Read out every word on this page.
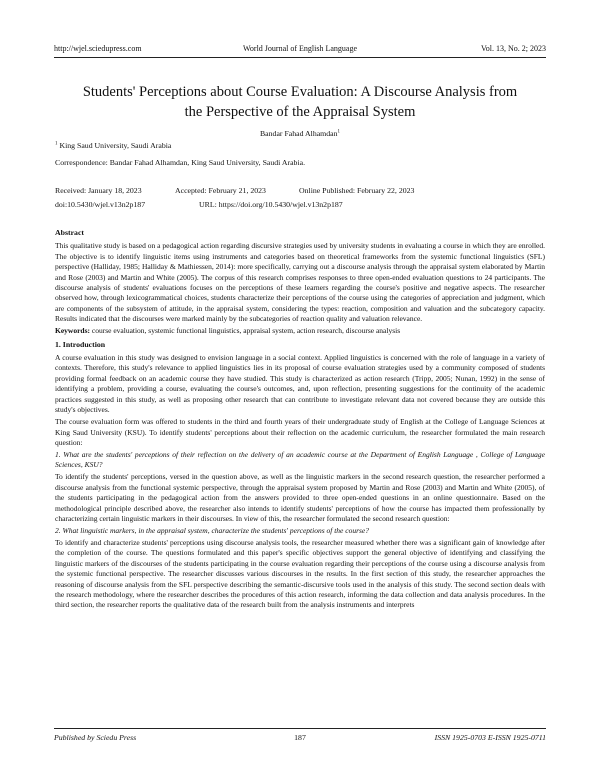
http://wjel.sciedupress.com	World Journal of English Language	Vol. 13, No. 2; 2023
Students' Perceptions about Course Evaluation: A Discourse Analysis from
the Perspective of the Appraisal System
Bandar Fahad Alhamdan$^1$
$^1$ King Saud University, Saudi Arabia
Correspondence: Bandar Fahad Alhamdan, King Saud University, Saudi Arabia.
Received: January 18, 2023	Accepted: February 21, 2023	Online Published: February 22, 2023
doi:10.5430/wjel.v13n2p187	URL: https://doi.org/10.5430/wjel.v13n2p187
Abstract

This qualitative study is based on a pedagogical action regarding discursive strategies used by university students in evaluating a course in which they are enrolled. The objective is to identify linguistic items using instruments and categories based on theoretical frameworks from the systemic functional linguistics (SFL) perspective (Halliday, 1985; Halliday & Mathiessen, 2014): more specifically, carrying out a discourse analysis through the appraisal system elaborated by Martin and Rose (2003) and Martin and White (2005). The corpus of this research comprises responses to three open-ended evaluation questions to 24 participants. The discourse analysis of students' evaluations focuses on the perceptions of these learners regarding the course's positive and negative aspects. The researcher observed how, through lexicogrammatical choices, students characterize their perceptions of the course using the categories of appreciation and judgment, which are components of the subsystem of attitude, in the appraisal system, considering the types: reaction, composition and valuation and the subcategory capacity. Results indicated that the discourses were marked mainly by the subcategories of reaction quality and valuation relevance.

Keywords: course evaluation, systemic functional linguistics, appraisal system, action research, discourse analysis

1. Introduction

A course evaluation in this study was designed to envision language in a social context. Applied linguistics is concerned with the role of language in a variety of contexts. Therefore, this study's relevance to applied linguistics lies in its proposal of course evaluation strategies used by a community composed of students providing formal feedback on an academic course they have studied. This study is characterized as action research (Tripp, 2005; Nunan, 1992) in the sense of identifying a problem, providing a course, evaluating the course's outcomes, and, upon reflection, presenting suggestions for the continuity of the academic practices suggested in this study, as well as proposing other research that can contribute to investigate relevant data not covered because they are outside this study's objectives.

The course evaluation form was offered to students in the third and fourth years of their undergraduate study of English at the College of Language Sciences at King Saud University (KSU). To identify students' perceptions about their reflection on the academic curriculum, the researcher formulated the main research question:

1. What are the students' perceptions of their reflection on the delivery of an academic course at the Department of English Language , College of Language Sciences, KSU?

To identify the students' perceptions, versed in the question above, as well as the linguistic markers in the second research question, the researcher performed a discourse analysis from the functional systemic perspective, through the appraisal system proposed by Martin and Rose (2003) and Martin and White (2005), of the students participating in the pedagogical action from the answers provided to three open-ended questions in an online questionnaire. Based on the methodological principle described above, the researcher also intends to identify students' perceptions of how the course has impacted them professionally by characterizing certain linguistic markers in their discourses. In view of this, the researcher formulated the second research question:

2. What linguistic markers, in the appraisal system, characterize the students' perceptions of the course?

To identify and characterize students' perceptions using discourse analysis tools, the researcher measured whether there was a significant gain of knowledge after the completion of the course. The questions formulated and this paper's specific objectives support the general objective of identifying and classifying the linguistic markers of the discourses of the students participating in the course evaluation regarding their perceptions of the course using a discourse analysis from the systemic functional perspective. The researcher discusses various discourses in the results. In the first section of this study, the researcher approaches the reasoning of discourse analysis from the SFL perspective describing the semantic-discursive tools used in the analysis of this study. The second section deals with the research methodology, where the researcher describes the procedures of this action research, informing the data collection and data analysis procedures. In the third section, the researcher reports the qualitative data of the research built from the analysis instruments and interprets

Published by Sciedu Press	187	ISSN 1925-0703 E-ISSN 1925-0711
